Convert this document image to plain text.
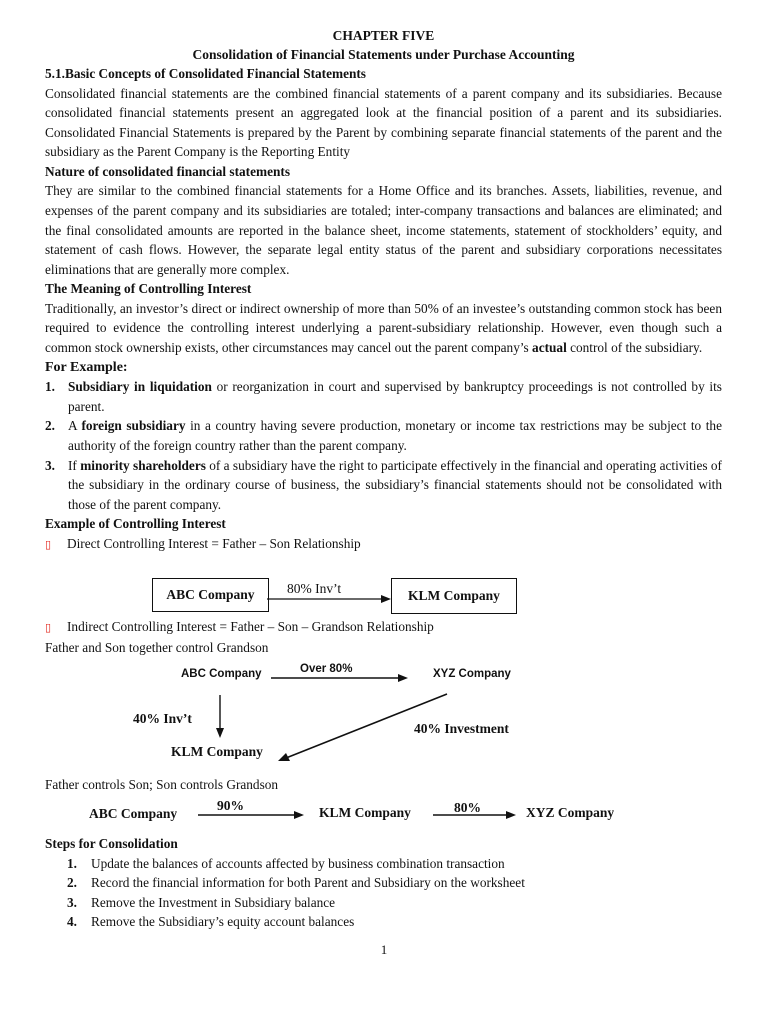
CHAPTER FIVE
Consolidation of Financial Statements under Purchase Accounting
5.1.Basic Concepts of Consolidated Financial Statements

Consolidated financial statements are the combined financial statements of a parent company and its subsidiaries. Because consolidated financial statements present an aggregated look at the financial position of a parent and its subsidiaries. Consolidated Financial Statements is prepared by the Parent by combining separate financial statements of the parent and the subsidiary as the Parent Company is the Reporting Entity

Nature of consolidated financial statements

They are similar to the combined financial statements for a Home Office and its branches. Assets, liabilities, revenue, and expenses of the parent company and its subsidiaries are totaled; inter-company transactions and balances are eliminated; and the final consolidated amounts are reported in the balance sheet, income statements, statement of stockholders’ equity, and statement of cash flows. However, the separate legal entity status of the parent and subsidiary corporations necessitates eliminations that are generally more complex.

The Meaning of Controlling Interest

Traditionally, an investor’s direct or indirect ownership of more than 50% of an investee’s outstanding common stock has been required to evidence the controlling interest underlying a parent-subsidiary relationship. However, even though such a common stock ownership exists, other circumstances may cancel out the parent company’s actual control of the subsidiary.

For Example:
1. Subsidiary in liquidation or reorganization in court and supervised by bankruptcy proceedings is not controlled by its parent.
2. A foreign subsidiary in a country having severe production, monetary or income tax restrictions may be subject to the authority of the foreign country rather than the parent company.
3. If minority shareholders of a subsidiary have the right to participate effectively in the financial and operating activities of the subsidiary in the ordinary course of business, the subsidiary’s financial statements should not be consolidated with those of the parent company.
Example of Controlling Interest
▯	Direct Controlling Interest = Father – Son Relationship
ABC Company	80% Inv’t	KLM Company
▯	Indirect Controlling Interest = Father – Son – Grandson Relationship

Father and Son together control Grandson

ABC Company	Over 80%	XYZ Company
40% Inv’t
40% Investment
KLM Company

Father controls Son; Son controls Grandson

ABC Company
90%	KLM Company	80%	XYZ Company
Steps for Consolidation
1.	Update the balances of accounts affected by business combination transaction
2.	Record the financial information for both Parent and Subsidiary on the worksheet
3.	Remove the Investment in Subsidiary balance
4.	Remove the Subsidiary’s equity account balances
1
